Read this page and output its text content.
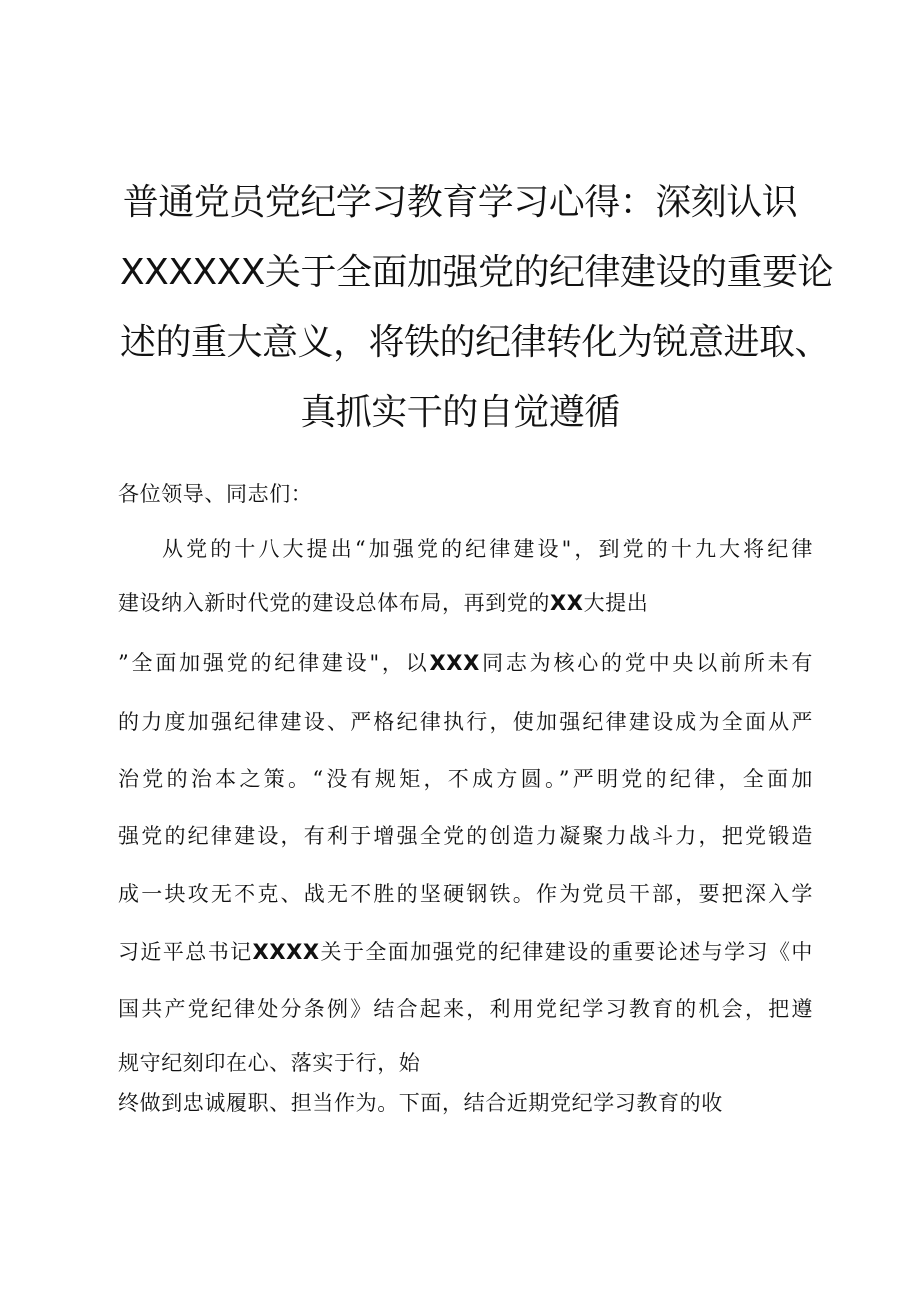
普通党员党纪学习教育学习心得：深刻认识
XXXXXX关于全面加强党的纪律建设的重要论
述的重大意义，将铁的纪律转化为锐意进取、
真抓实干的自觉遵循
各位领导、同志们：
从党的十八大提出“加强党的纪律建设"，到党的十九大将纪律
建设纳入新时代党的建设总体布局，再到党的XX大提出
”全面加强党的纪律建设"，以XXX同志为核心的党中央以前所未有
的力度加强纪律建设、严格纪律执行，使加强纪律建设成为全面从严
治党的治本之策。“没有规矩，不成方圆。”严明党的纪律，全面加
强党的纪律建设，有利于增强全党的创造力凝聚力战斗力，把党锻造
成一块攻无不克、战无不胜的坚硬钢铁。作为党员干部，要把深入学
习近平总书记XXXX关于全面加强党的纪律建设的重要论述与学习《中
国共产党纪律处分条例》结合起来，利用党纪学习教育的机会，把遵
规守纪刻印在心、落实于行，始
终做到忠诚履职、担当作为。下面，结合近期党纪学习教育的收
